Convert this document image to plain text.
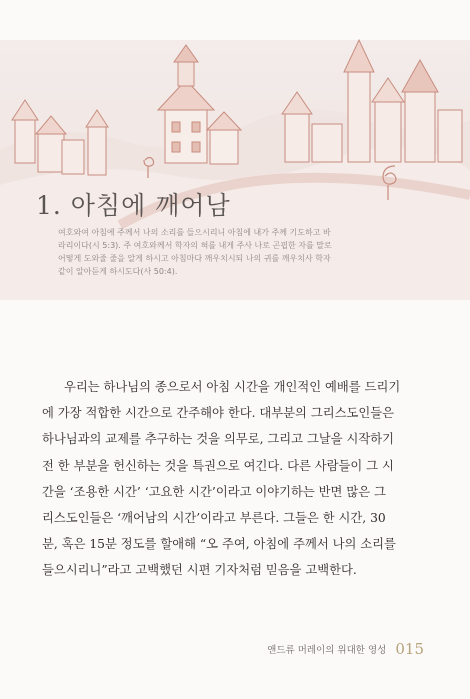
1. 아침에 깨어남

여호와여 아침에 주께서 나의 소리를 들으시리니 아침에 내가 주께 기도하고 바

라리이다(시 5:3). 주 여호와께서 학자의 혀를 내게 주사 나로 곤핍한 자를 말로

어떻게 도와줄 줄을 알게 하시고 아침마다 깨우치시되 나의 귀를 깨우치사 학자

같이 알아듣게 하시도다(사 50:4).

우리는 하나님의 종으로서 아침 시간을 개인적인 예배를 드리기
에 가장 적합한 시간으로 간주해야 한다. 대부분의 그리스도인들은
하나님과의 교제를 추구하는 것을 의무로, 그리고 그날을 시작하기
전 한 부분을 헌신하는 것을 특권으로 여긴다. 다른 사람들이 그 시
간을 ‘조용한 시간’ ‘고요한 시간’이라고 이야기하는 반면 많은 그
리스도인들은 ‘깨어남의 시간’이라고 부른다. 그들은 한 시간, 30
분, 혹은 15분 정도를 할애해 “오 주여, 아침에 주께서 나의 소리를
들으시리니”라고 고백했던 시편 기자처럼 믿음을 고백한다.
앤드류 머레이의 위대한 영성 015
